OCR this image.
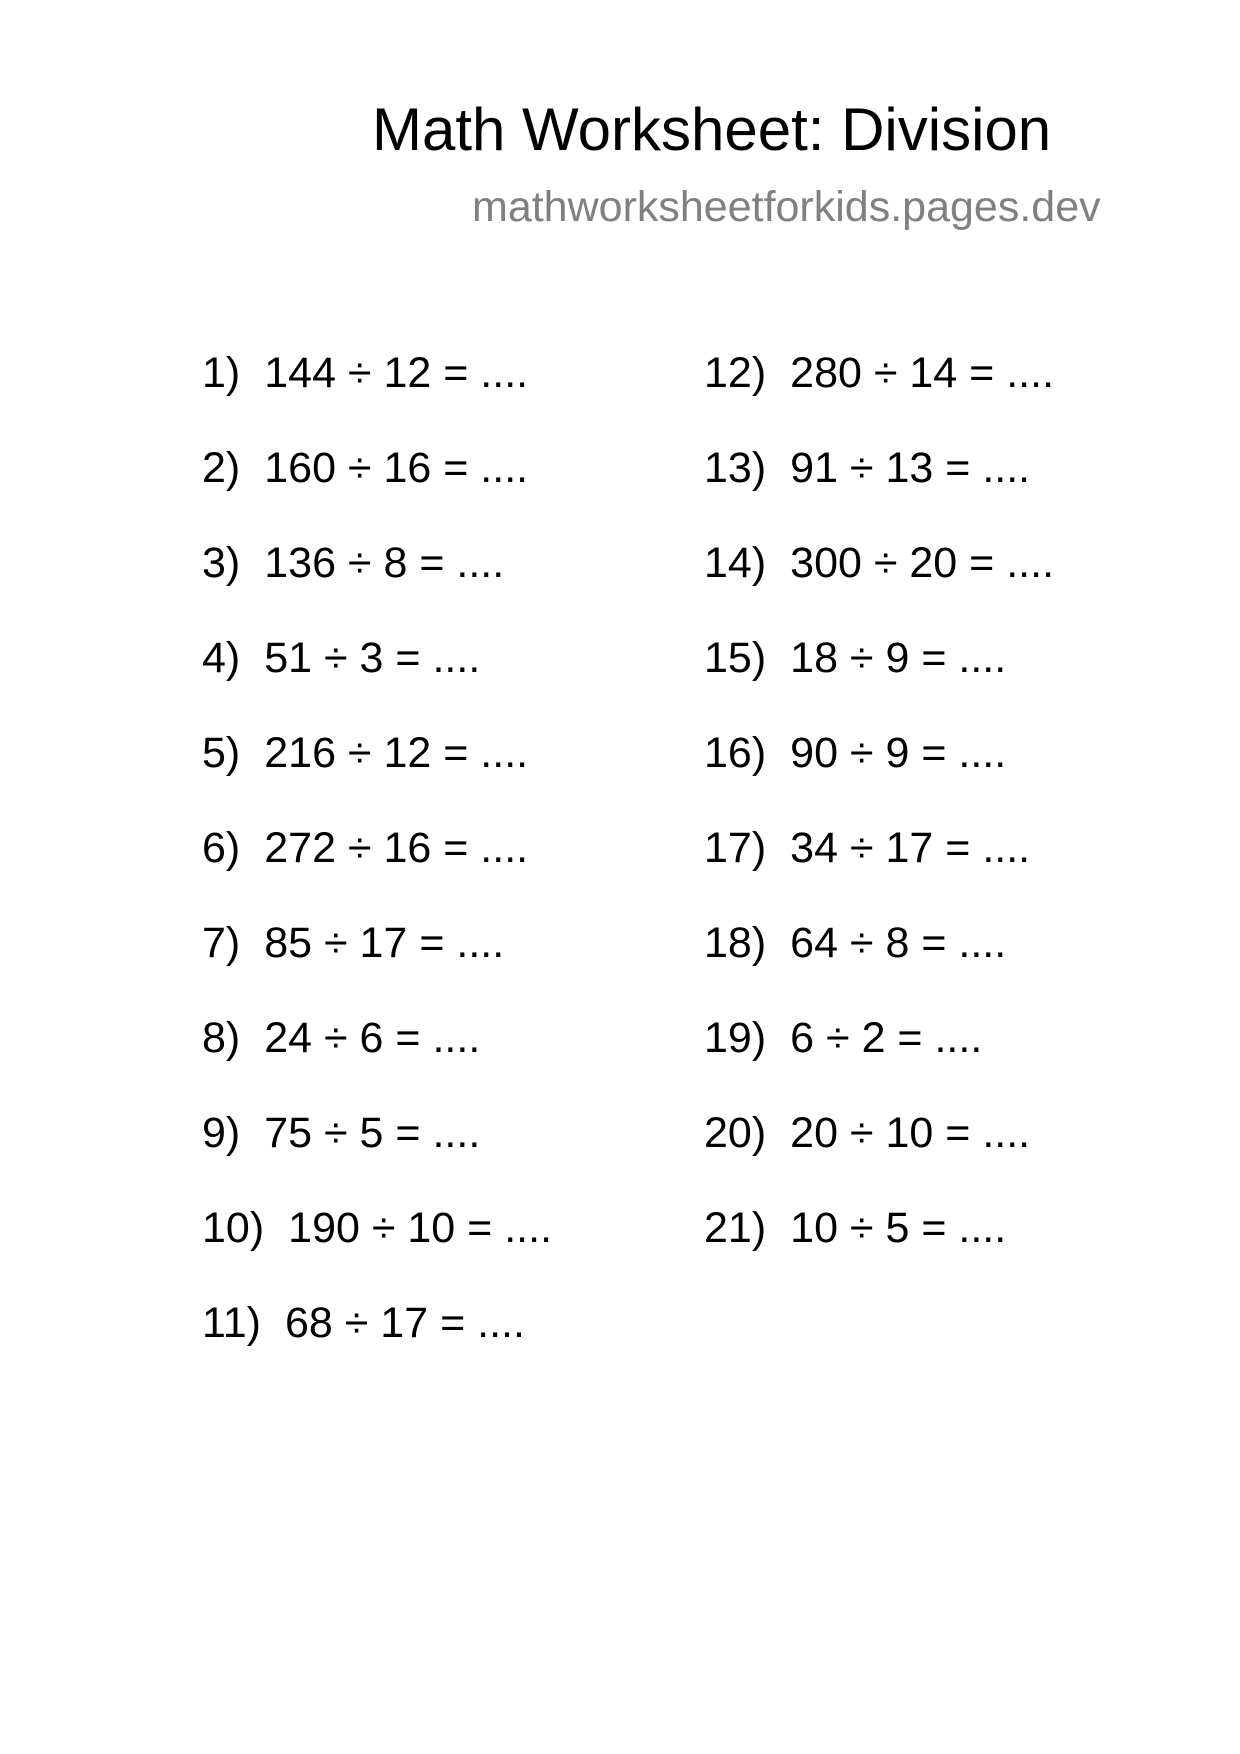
Math Worksheet: Division
mathworksheetforkids.pages.dev
1) 144 ÷ 12 = ....
2) 160 ÷ 16 = ....
3) 136 ÷ 8 = ....
4) 51 ÷ 3 = ....
5) 216 ÷ 12 = ....
6) 272 ÷ 16 = ....
7) 85 ÷ 17 = ....
8) 24 ÷ 6 = ....
9) 75 ÷ 5 = ....
10) 190 ÷ 10 = ....
11) 68 ÷ 17 = ....
12) 280 ÷ 14 = ....
13) 91 ÷ 13 = ....
14) 300 ÷ 20 = ....
15) 18 ÷ 9 = ....
16) 90 ÷ 9 = ....
17) 34 ÷ 17 = ....
18) 64 ÷ 8 = ....
19) 6 ÷ 2 = ....
20) 20 ÷ 10 = ....
21) 10 ÷ 5 = ....
